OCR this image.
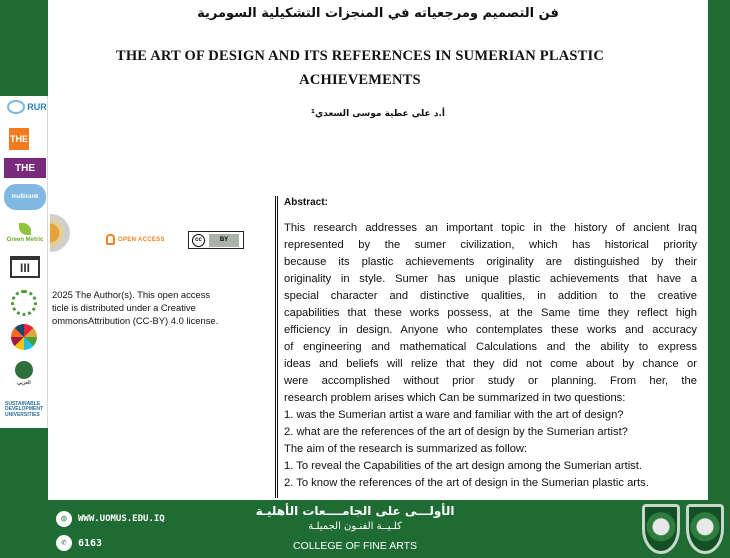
RUR
THE
THE
multirank
Green Metric
III
العربي
SUSTAINABLE DEVELOPMENT UNIVERSITIES
فن التصميم ومرجعياته في المنجزات التشكيلية السومرية
THE ART OF DESIGN AND ITS REFERENCES IN SUMERIAN PLASTIC
ACHIEVEMENTS
أ.د علي عطية موسى السعدي¹
OPEN ACCESS	cc	BY
2025 The Author(s). This open access
ticle is distributed under a Creative
ommonsAttribution (CC-BY) 4.0 license.
Abstract:
This research addresses an important topic in the history of ancient Iraq
represented by the sumer civilization, which has historical priority
because its plastic achievements originality are distinguished by their
originality in style. Sumer has unique plastic achievements that have a
special character and distinctive qualities, in addition to the creative
capabilities that these works possess, at the Same time they reflect high
efficiency in design. Anyone who contemplates these works and accuracy
of engineering and mathematical Calculations and the ability to express
ideas and beliefs will relize that they did not come about by chance or
were accomplished without prior study or planning. From her, the
research problem arises which Can be summarized in two questions:
1. was the Sumerian artist a ware and familiar with the art of design?
2. what are the references of the art of design by the Sumerian artist?
The aim of the research is summarized as follow:
1. To reveal the Capabilities of the art design among the Sumerian artist.
2. To know the references of the art of design in the Sumerian plastic arts.
◎	WWW.UOMUS.EDU.IQ
✆	6163
الأولـــى على الجامــــعات الأهليـة
كلـيــة الفنـون الجميلـة
COLLEGE OF FINE ARTS
